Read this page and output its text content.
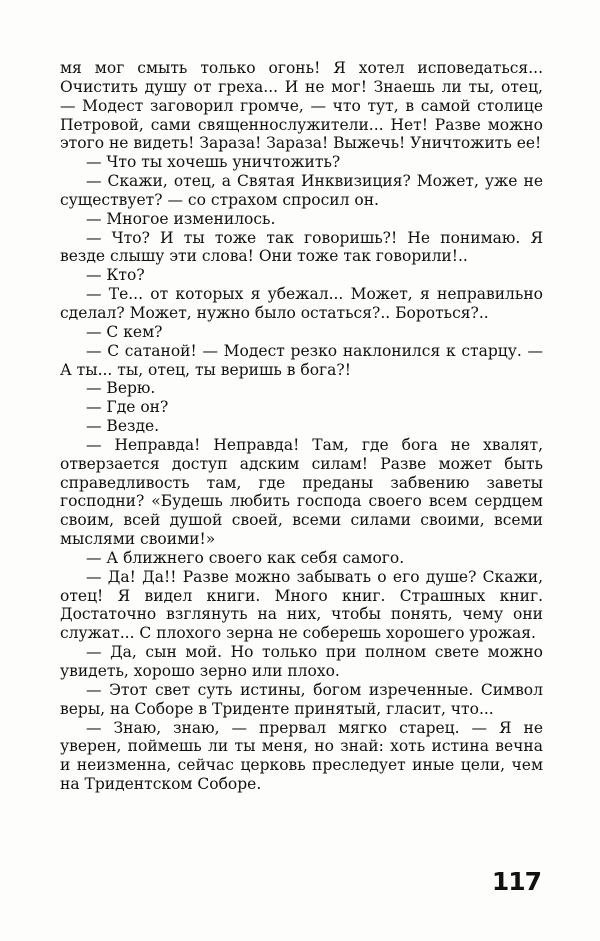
мя мог смыть только огонь! Я хотел исповедаться... Очистить душу от греха... И не мог! Знаешь ли ты, отец, — Модест заговорил громче, — что тут, в самой столице Петровой, сами священнослужители... Нет! Разве можно этого не видеть! Зараза! Зараза! Выжечь! Уничтожить ее!

— Что ты хочешь уничтожить?

— Скажи, отец, а Святая Инквизиция? Может, уже не существует? — со страхом спросил он.

— Многое изменилось.

— Что? И ты тоже так говоришь?! Не понимаю. Я везде слышу эти слова! Они тоже так говорили!..

— Кто?

— Те... от которых я убежал... Может, я неправильно сделал? Может, нужно было остаться?.. Бороться?..

— С кем?

— С сатаной! — Модест резко наклонился к старцу. — А ты... ты, отец, ты веришь в бога?!

— Верю.

— Где он?

— Везде.

— Неправда! Неправда! Там, где бога не хвалят, отверзается доступ адским силам! Разве может быть справедливость там, где преданы забвению заветы господни? «Будешь любить господа своего всем сердцем своим, всей душой своей, всеми силами своими, всеми мыслями своими!»

— А ближнего своего как себя самого.

— Да! Да!! Разве можно забывать о его душе? Скажи, отец! Я видел книги. Много книг. Страшных книг. Достаточно взглянуть на них, чтобы понять, чему они служат... С плохого зерна не соберешь хорошего урожая.

— Да, сын мой. Но только при полном свете можно увидеть, хорошо зерно или плохо.

— Этот свет суть истины, богом изреченные. Символ веры, на Соборе в Триденте принятый, гласит, что...

— Знаю, знаю, — прервал мягко старец. — Я не уверен, поймешь ли ты меня, но знай: хоть истина вечна и неизменна, сейчас церковь преследует иные цели, чем на Тридентском Соборе.

117
